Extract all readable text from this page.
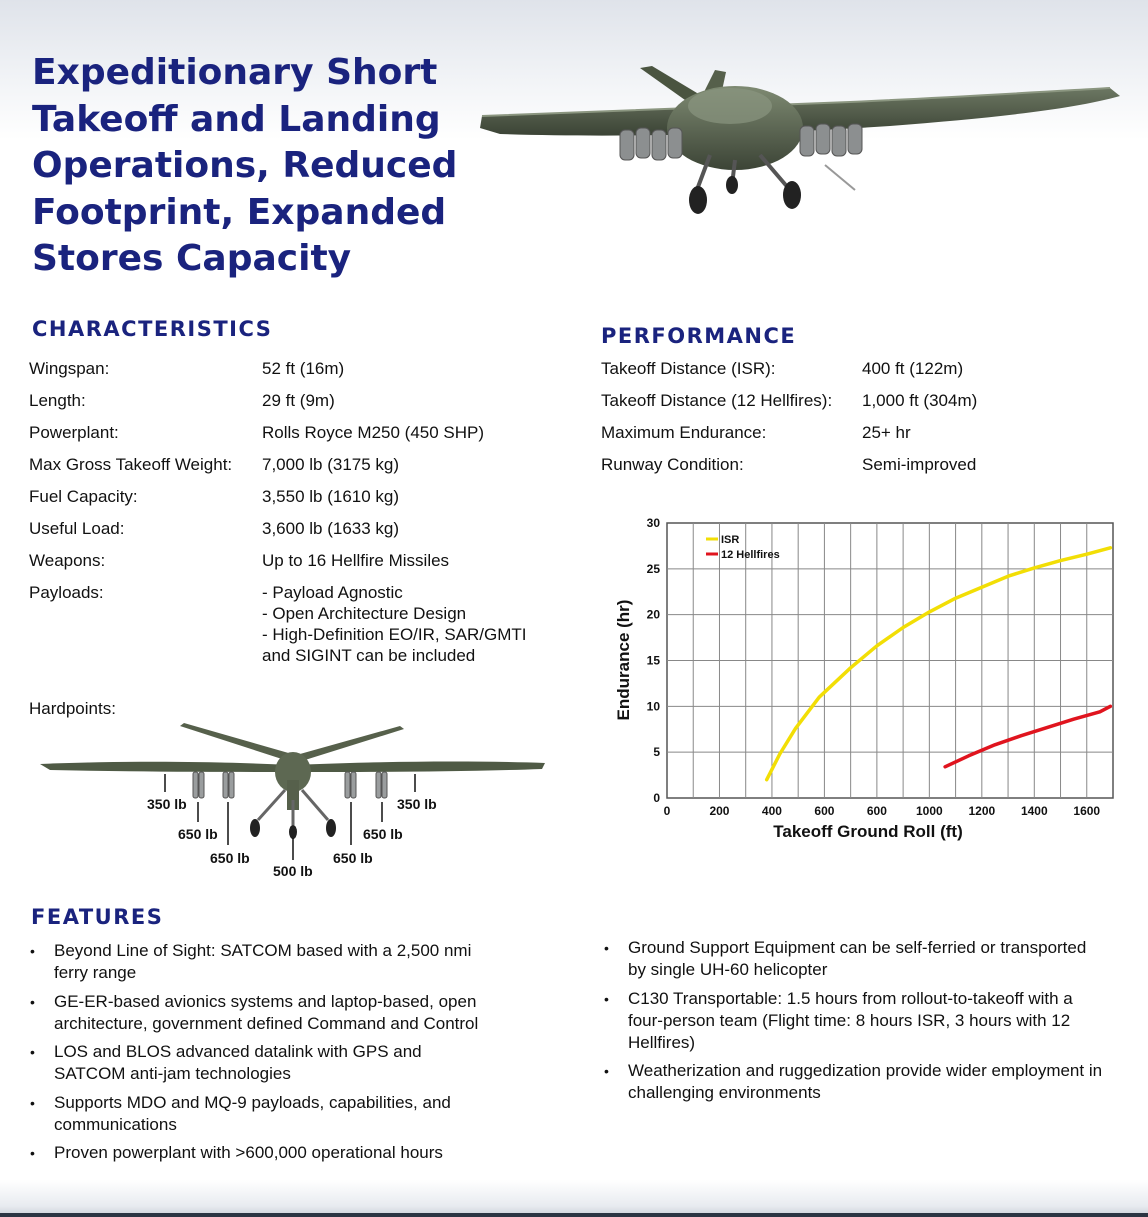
Expeditionary Short
Takeoff and Landing
Operations, Reduced
Footprint, Expanded
Stores Capacity
CHARACTERISTICS
Wingspan:	52 ft (16m)
Length:	29 ft (9m)
Powerplant:	Rolls Royce M250 (450 SHP)
Max Gross Takeoff Weight: 7,000 lb (3175 kg)
Fuel Capacity:	3,550 lb (1610 kg)
Useful Load:	3,600 lb (1633 kg)
Weapons:	Up to 16 Hellfire Missiles
Payloads:	- Payload Agnostic
- Open Architecture Design
- High-Definition EO/IR, SAR/GMTI
and SIGINT can be included
Hardpoints:
350 lb
650 lb
650 lb
500 lb
650 lb
650 lb
350 lb
PERFORMANCE
Takeoff Distance (ISR):	400 ft (122m)
Takeoff Distance (12 Hellfires): 1,000 ft (304m)
Maximum Endurance:	25+ hr
Runway Condition:	Semi-improved
0
5
10
15
20
25
30
0	200	400	600	600 1000 1200 1400 1600
Takeoff Ground Roll (ft)
Endurance (hr)
ISR
12 Hellfires
FEATURES
• Beyond Line of Sight: SATCOM based with a 2,500 nmi
ferry range
• GE-ER-based avionics systems and laptop-based, open
architecture, government defined Command and Control
• LOS and BLOS advanced datalink with GPS and
SATCOM anti-jam technologies
• Supports MDO and MQ-9 payloads, capabilities, and
communications
• Proven powerplant with >600,000 operational hours
• Ground Support Equipment can be self-ferried or transported
by single UH-60 helicopter
• C130 Transportable: 1.5 hours from rollout-to-takeoff with a
four-person team (Flight time: 8 hours ISR, 3 hours with 12
Hellfires)
• Weatherization and ruggedization provide wider employment in
challenging environments
